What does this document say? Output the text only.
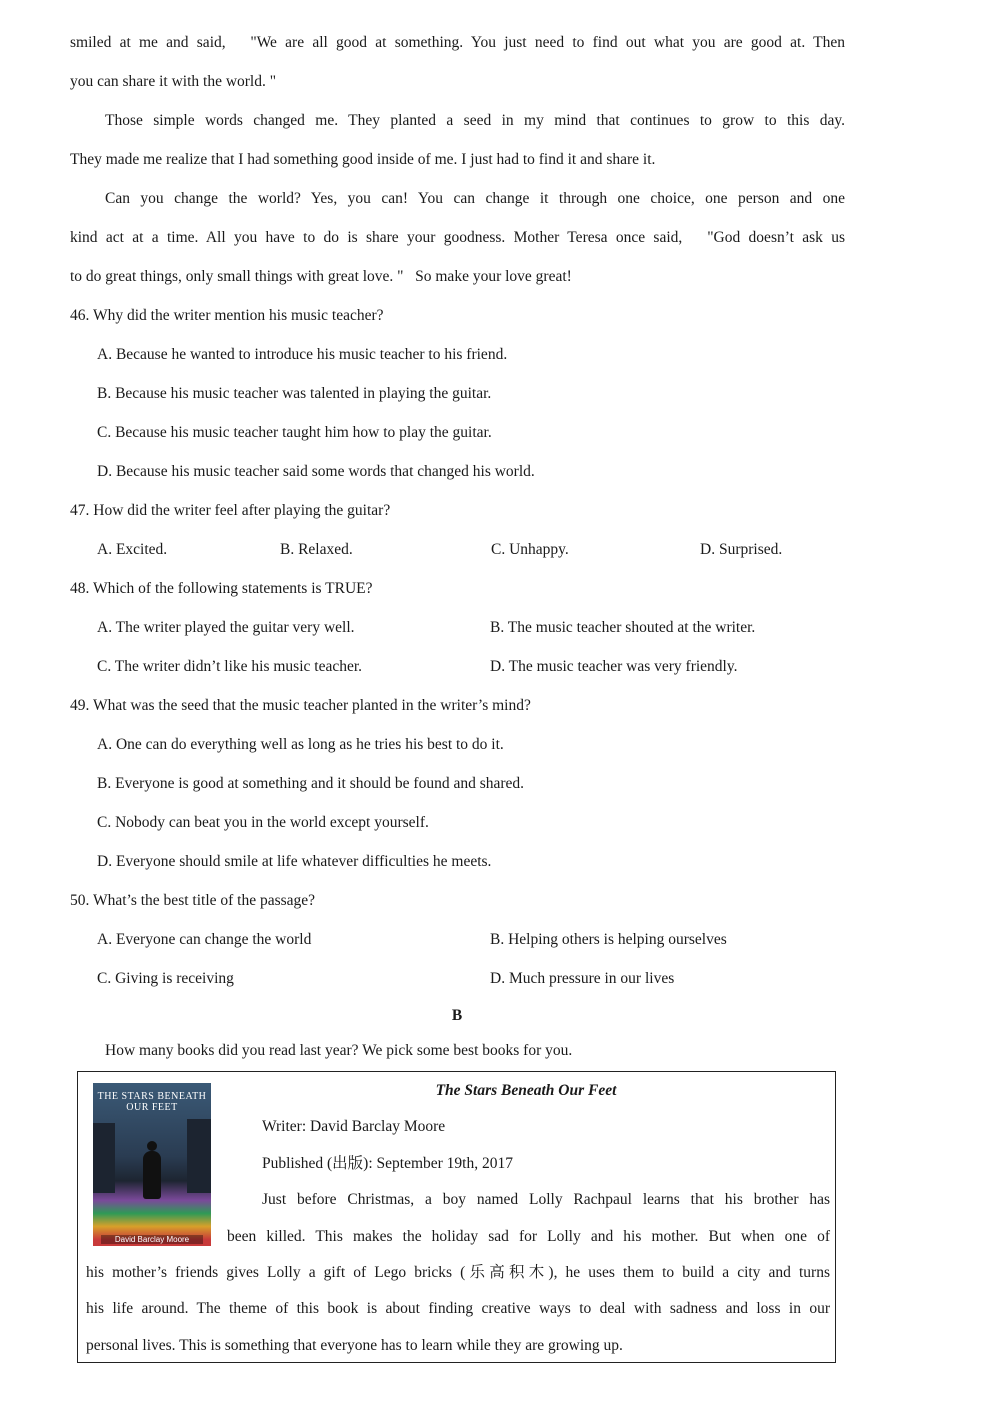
smiled at me and said,   "We are all good at something. You just need to find out what you are good at. Then
you can share it with the world. "
Those simple words changed me. They planted a seed in my mind that continues to grow to this day.
They made me realize that I had something good inside of me. I just had to find it and share it.
Can you change the world? Yes, you can! You can change it through one choice, one person and one
kind act at a time. All you have to do is share your goodness. Mother Teresa once said,   "God doesn’t ask us
to do great things, only small things with great love. "   So make your love great!
46. Why did the writer mention his music teacher?
A. Because he wanted to introduce his music teacher to his friend.
B. Because his music teacher was talented in playing the guitar.
C. Because his music teacher taught him how to play the guitar.
D. Because his music teacher said some words that changed his world.
47. How did the writer feel after playing the guitar?
A. Excited.	B. Relaxed.	C. Unhappy.	D. Surprised.
48. Which of the following statements is TRUE?
A. The writer played the guitar very well.	B. The music teacher shouted at the writer.
C. The writer didn’t like his music teacher.	D. The music teacher was very friendly.
49. What was the seed that the music teacher planted in the writer’s mind?
A. One can do everything well as long as he tries his best to do it.
B. Everyone is good at something and it should be found and shared.
C. Nobody can beat you in the world except yourself.
D. Everyone should smile at life whatever difficulties he meets.
50. What’s the best title of the passage?
A. Everyone can change the world	B. Helping others is helping ourselves
C. Giving is receiving	D. Much pressure in our lives
B
How many books did you read last year? We pick some best books for you.
THE STARS BENEATH OUR FEET
David Barclay Moore
The Stars Beneath Our Feet
Writer: David Barclay Moore
Published (出版): September 19th, 2017
Just before Christmas, a boy named Lolly Rachpaul learns that his brother has
been killed. This makes the holiday sad for Lolly and his mother. But when one of
his mother’s friends gives Lolly a gift of Lego bricks (乐高积木), he uses them to build a city and turns
his life around. The theme of this book is about finding creative ways to deal with sadness and loss in our
personal lives. This is something that everyone has to learn while they are growing up.
